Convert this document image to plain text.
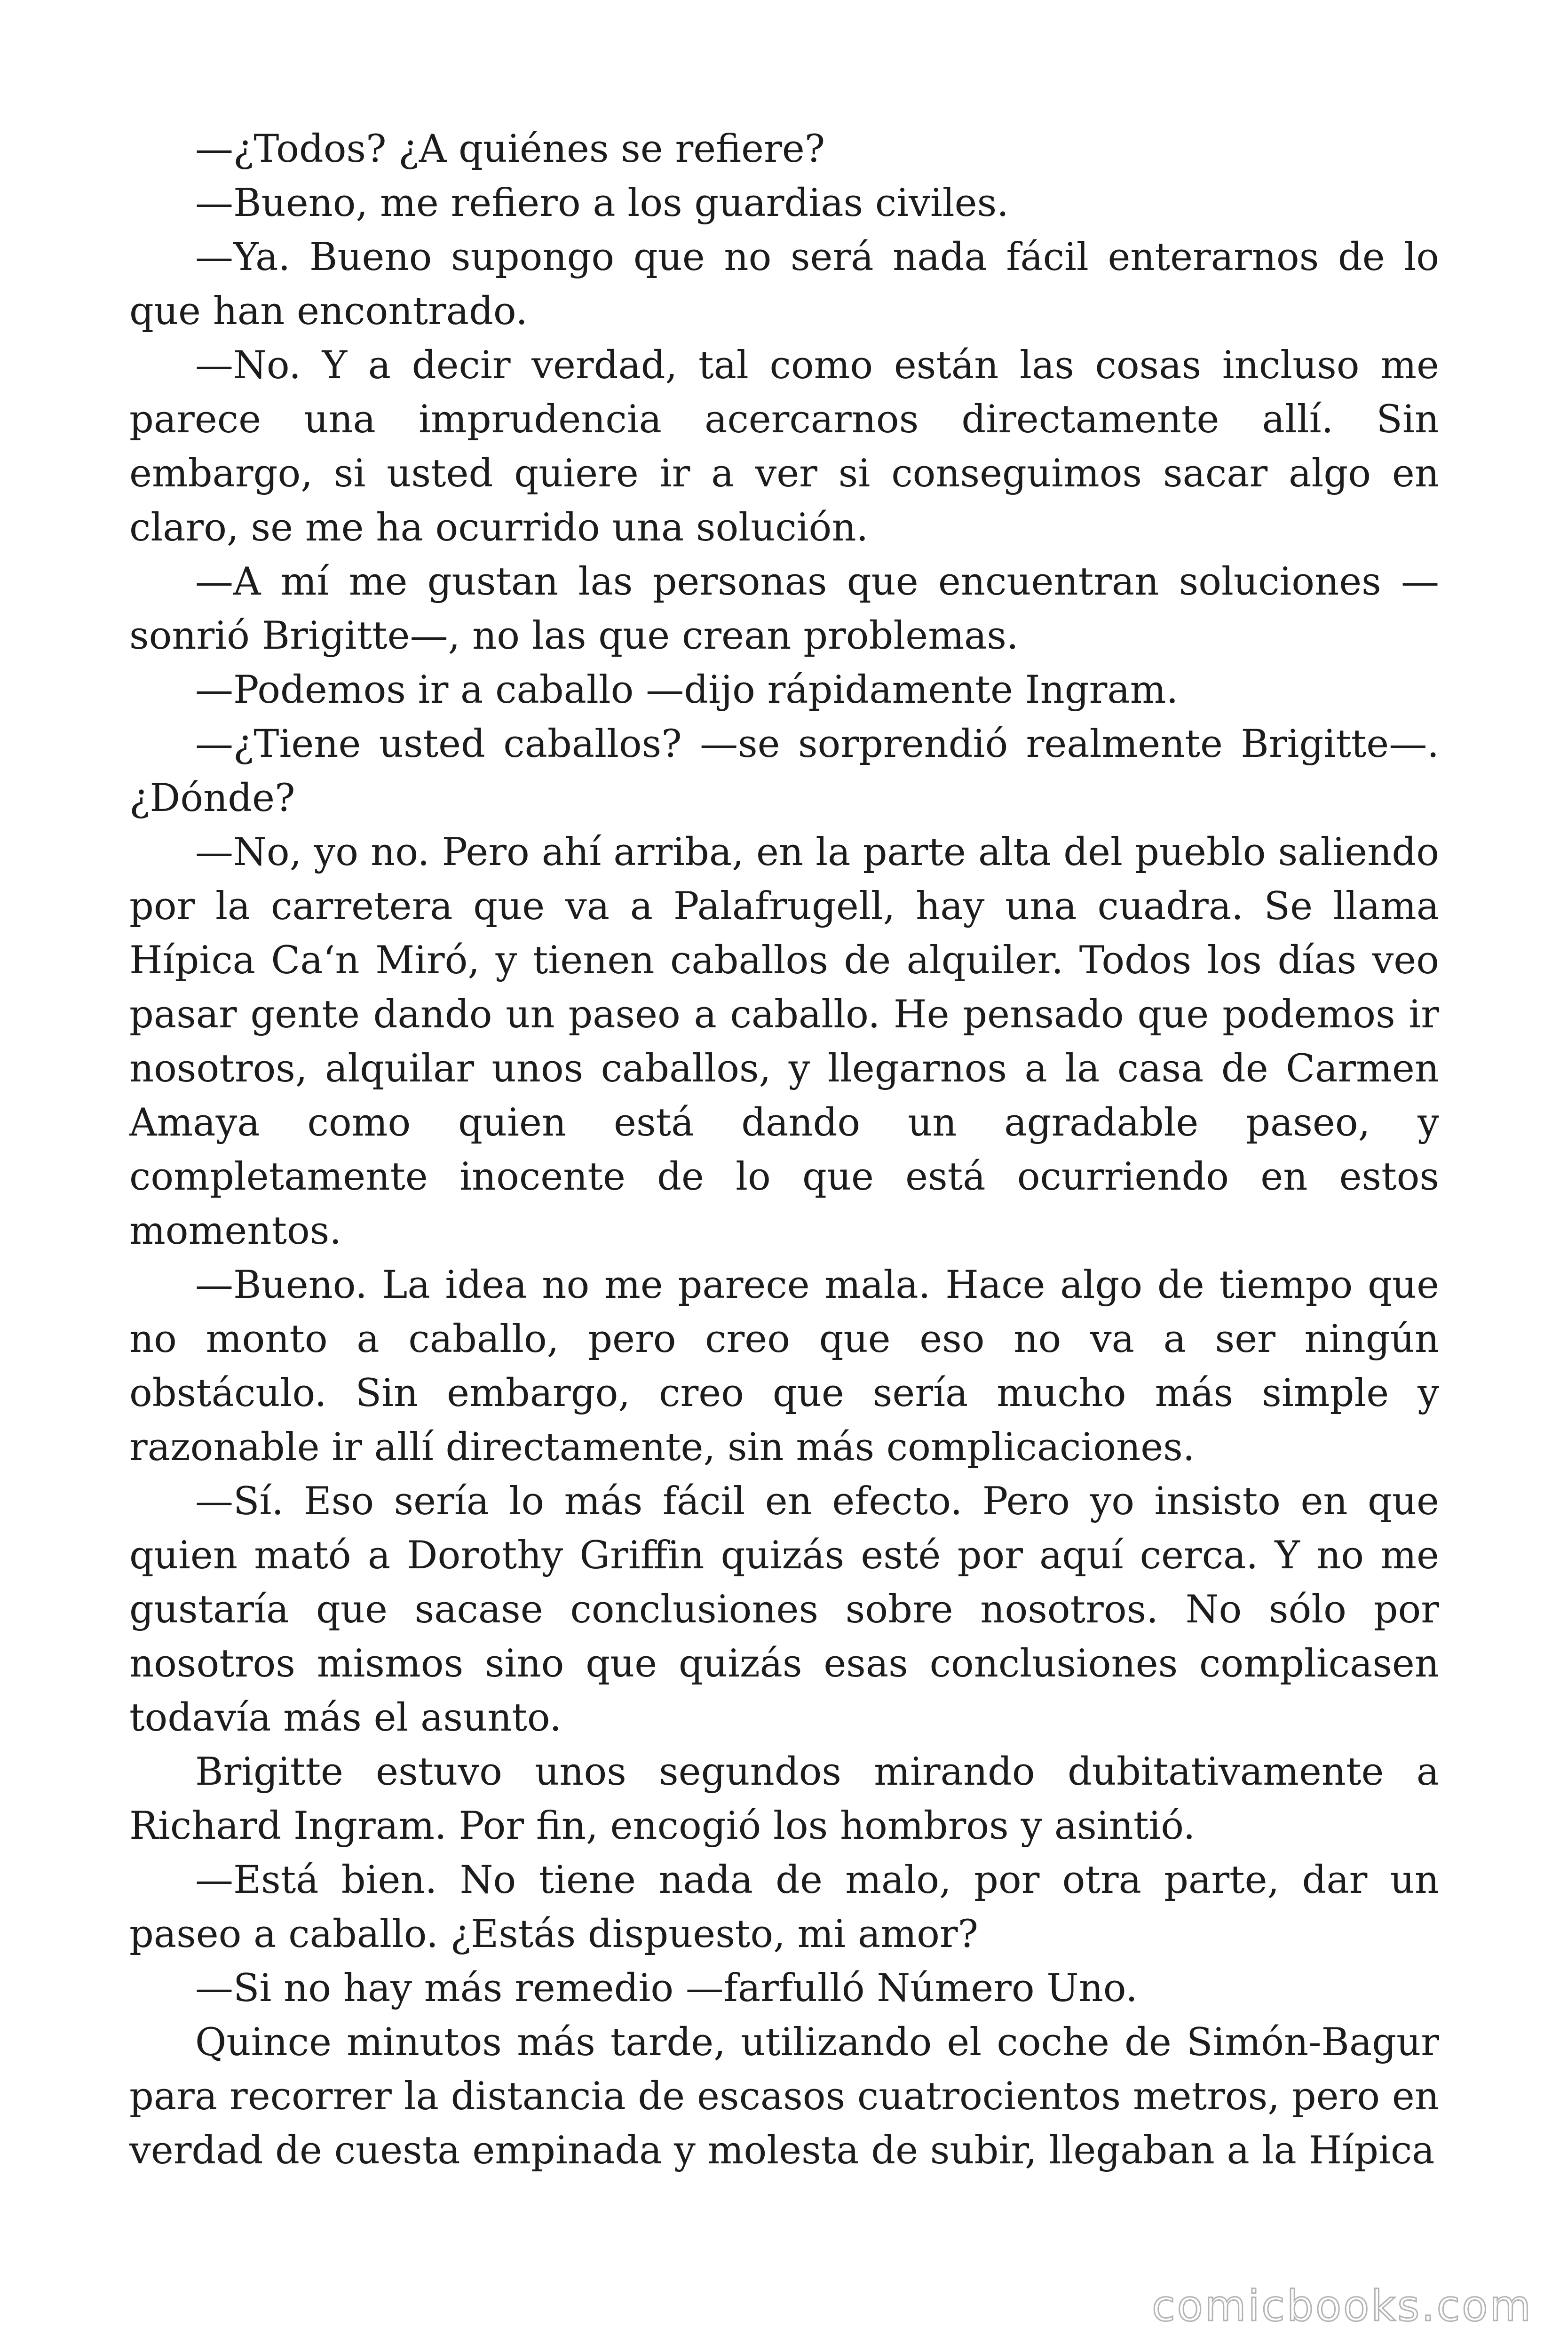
—¿Todos? ¿A quiénes se refiere?

—Bueno, me refiero a los guardias civiles.

—Ya. Bueno supongo que no será nada fácil enterarnos de lo que han encontrado.

—No. Y a decir verdad, tal como están las cosas incluso me parece una imprudencia acercarnos directamente allí. Sin embargo, si usted quiere ir a ver si conseguimos sacar algo en claro, se me ha ocurrido una solución.

—A mí me gustan las personas que encuentran soluciones —sonrió Brigitte—, no las que crean problemas.

—Podemos ir a caballo —dijo rápidamente Ingram.

—¿Tiene usted caballos? —se sorprendió realmente Brigitte—. ¿Dónde?

—No, yo no. Pero ahí arriba, en la parte alta del pueblo saliendo por la carretera que va a Palafrugell, hay una cuadra. Se llama Hípica Ca‘n Miró, y tienen caballos de alquiler. Todos los días veo pasar gente dando un paseo a caballo. He pensado que podemos ir nosotros, alquilar unos caballos, y llegarnos a la casa de Carmen Amaya como quien está dando un agradable paseo, y completamente inocente de lo que está ocurriendo en estos momentos.

—Bueno. La idea no me parece mala. Hace algo de tiempo que no monto a caballo, pero creo que eso no va a ser ningún obstáculo. Sin embargo, creo que sería mucho más simple y razonable ir allí directamente, sin más complicaciones.

—Sí. Eso sería lo más fácil en efecto. Pero yo insisto en que quien mató a Dorothy Griffin quizás esté por aquí cerca. Y no me gustaría que sacase conclusiones sobre nosotros. No sólo por nosotros mismos sino que quizás esas conclusiones complicasen todavía más el asunto.

Brigitte estuvo unos segundos mirando dubitativamente a Richard Ingram. Por fin, encogió los hombros y asintió.

—Está bien. No tiene nada de malo, por otra parte, dar un paseo a caballo. ¿Estás dispuesto, mi amor?

—Si no hay más remedio —farfulló Número Uno.

Quince minutos más tarde, utilizando el coche de Simón-Bagur para recorrer la distancia de escasos cuatrocientos metros, pero en verdad de cuesta empinada y molesta de subir, llegaban a la Hípica

comicbooks.com
